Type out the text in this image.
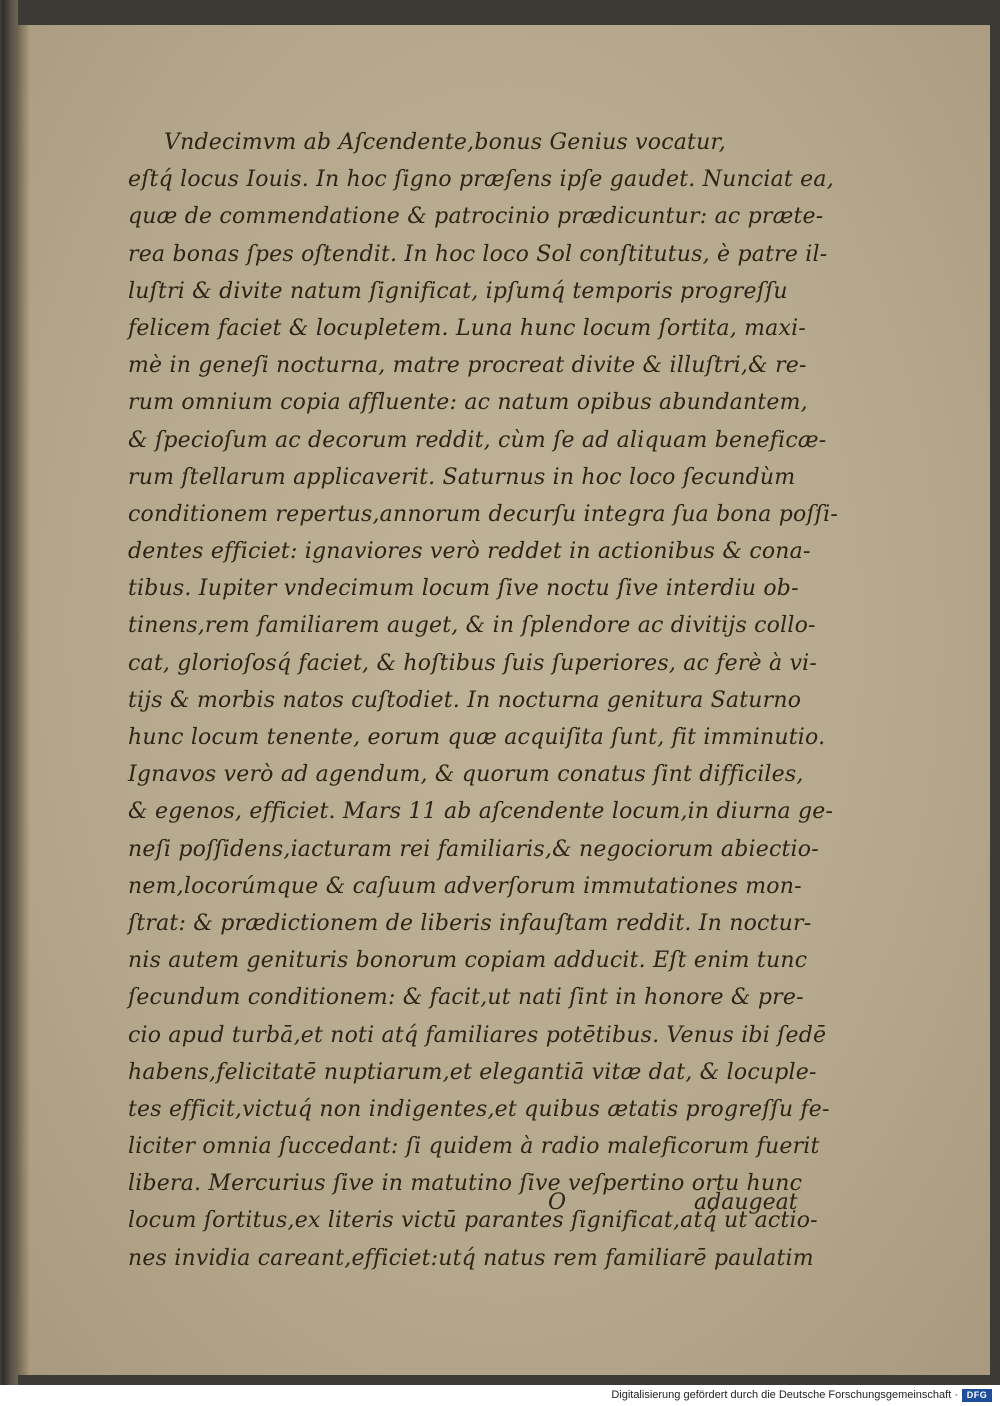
Vndecimvm ab Aſcendente,bonus Genius vocatur,
eſtq́ locus Iouis. In hoc ſigno præſens ipſe gaudet. Nunciat ea,
quæ de commendatione & patrocinio prædicuntur: ac præte-
rea bonas ſpes oſtendit. In hoc loco Sol conſtitutus, è patre il-
luſtri & divite natum ſignificat, ipſumq́ temporis progreſſu
felicem faciet & locupletem. Luna hunc locum ſortita, maxi-
mè in geneſi nocturna, matre procreat divite & illuſtri,& re-
rum omnium copia affluente: ac natum opibus abundantem,
& ſpecioſum ac decorum reddit, cùm ſe ad aliquam beneficæ-
rum ſtellarum applicaverit. Saturnus in hoc loco ſecundùm
conditionem repertus,annorum decurſu integra ſua bona poſſi-
dentes efficiet: ignaviores verò reddet in actionibus & cona-
tibus. Iupiter vndecimum locum ſive noctu ſive interdiu ob-
tinens,rem familiarem auget, & in ſplendore ac divitijs collo-
cat, glorioſosq́ faciet, & hoſtibus ſuis ſuperiores, ac ferè à vi-
tijs & morbis natos cuſtodiet. In nocturna genitura Saturno
hunc locum tenente, eorum quæ acquiſita ſunt, fit imminutio.
Ignavos verò ad agendum, & quorum conatus ſint difficiles,
& egenos, efficiet. Mars 11 ab aſcendente locum,in diurna ge-
neſi poſſidens,iacturam rei familiaris,& negociorum abiectio-
nem,locorúmque & caſuum adverſorum immutationes mon-
ſtrat: & prædictionem de liberis infauſtam reddit. In noctur-
nis autem genituris bonorum copiam adducit. Eſt enim tunc
ſecundum conditionem: & facit,ut nati ſint in honore & pre-
cio apud turbā,et noti atq́ familiares potētibus. Venus ibi ſedē
habens,felicitatē nuptiarum,et elegantiā vitæ dat, & locuple-
tes efficit,victuq́ non indigentes,et quibus ætatis progreſſu fe-
liciter omnia ſuccedant: ſi quidem à radio maleficorum fuerit
libera. Mercurius ſive in matutino ſive veſpertino ortu hunc
locum ſortitus,ex literis victū parantes ſignificat,atq́ ut actio-
nes invidia careant,efficiet:utq́ natus rem familiarē paulatim
O	adaugeat
Digitalisierung gefördert durch die Deutsche Forschungsgemeinschaft · DFG
